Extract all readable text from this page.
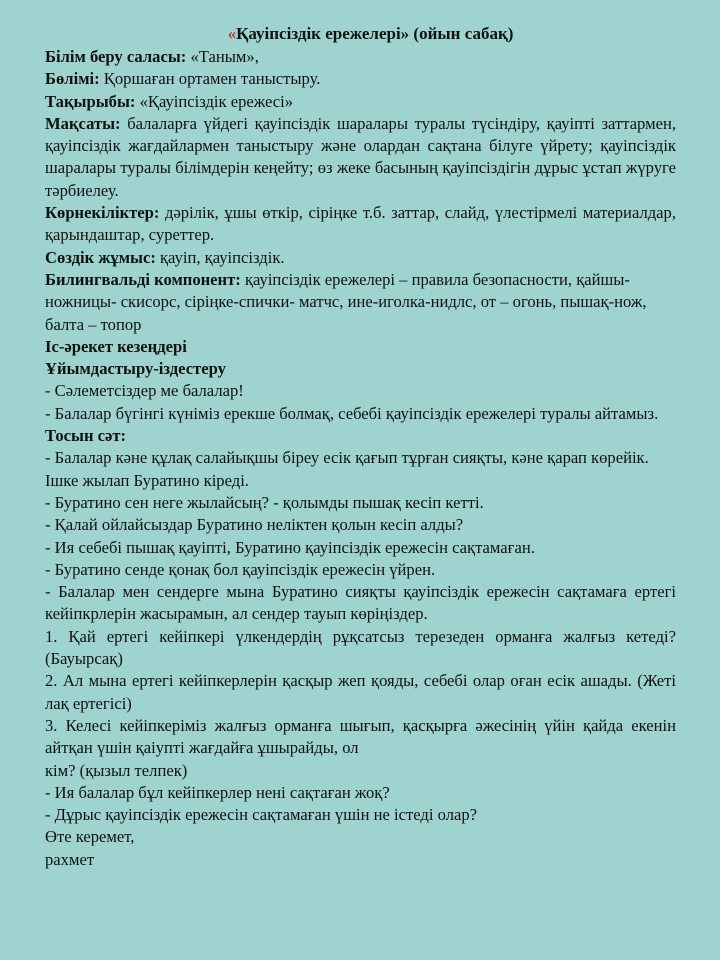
«Қауіпсіздік ережелері» (ойын сабақ)

Білім беру саласы: «Таным»,

Бөлімі: Қоршаған ортамен таныстыру.

Тақырыбы: «Қауіпсіздік ережесі»

Мақсаты: балаларға үйдегі қауіпсіздік шаралары туралы түсіндіру, қауіпті заттармен, қауіпсіздік жағдайлармен таныстыру және олардан сақтана білуге үйрету; қауіпсіздік шаралары туралы білімдерін кеңейту; өз жеке басының қауіпсіздігін дұрыс ұстап жүруге тәрбиелеу.

Көрнекіліктер: дәрілік, ұшы өткір, сіріңке т.б. заттар, слайд, үлестірмелі материалдар, қарындаштар, суреттер.

Сөздік жұмыс: қауіп, қауіпсіздік.

Билингвальді компонент: қауіпсіздік ережелері – правила безопасности, қайшы-ножницы- скисорс, сіріңке-спички- матчс, ине-иголка-нидлс, от – огонь, пышақ-нож, балта – топор

Іс-әрекет кезеңдері

Ұйымдастыру-іздестеру

- Сәлеметсіздер ме балалар!

- Балалар бүгінгі күніміз ерекше болмақ, себебі қауіпсіздік ережелері туралы айтамыз.

Тосын сәт:

- Балалар кәне құлақ салайықшы біреу есік қағып тұрған сияқты, кәне қарап көрейік.

Ішке жылап Буратино кіреді.

- Буратино сен неге жылайсың? - қолымды пышақ кесіп кетті.

- Қалай ойлайсыздар Буратино неліктен қолын кесіп алды?

- Ия себебі пышақ қауіпті, Буратино қауіпсіздік ережесін сақтамаған.

- Буратино сенде қонақ бол қауіпсіздік ережесін үйрен.

- Балалар мен сендерге мына Буратино сияқты қауіпсіздік ережесін сақтамаға ертегі кейіпкрлерін жасырамын, ал сендер тауып көріңіздер.

1. Қай ертегі кейіпкері үлкендердің рұқсатсыз терезеден орманға жалғыз кетеді? (Бауырсақ)

2. Ал мына ертегі кейіпкерлерін қасқыр жеп қояды, себебі олар оған есік ашады. (Жеті лақ ертегісі)

3. Келесі кейіпкеріміз жалғыз орманға шығып, қасқырға әжесінің үйін қайда екенін айтқан үшін қаіупті жағдайға ұшырайды, ол

кім? (қызыл телпек)

- Ия балалар бұл кейіпкерлер нені сақтаған жоқ?

- Дұрыс қауіпсіздік ережесін сақтамаған үшін не істеді олар?

Өте керемет,

рахмет
